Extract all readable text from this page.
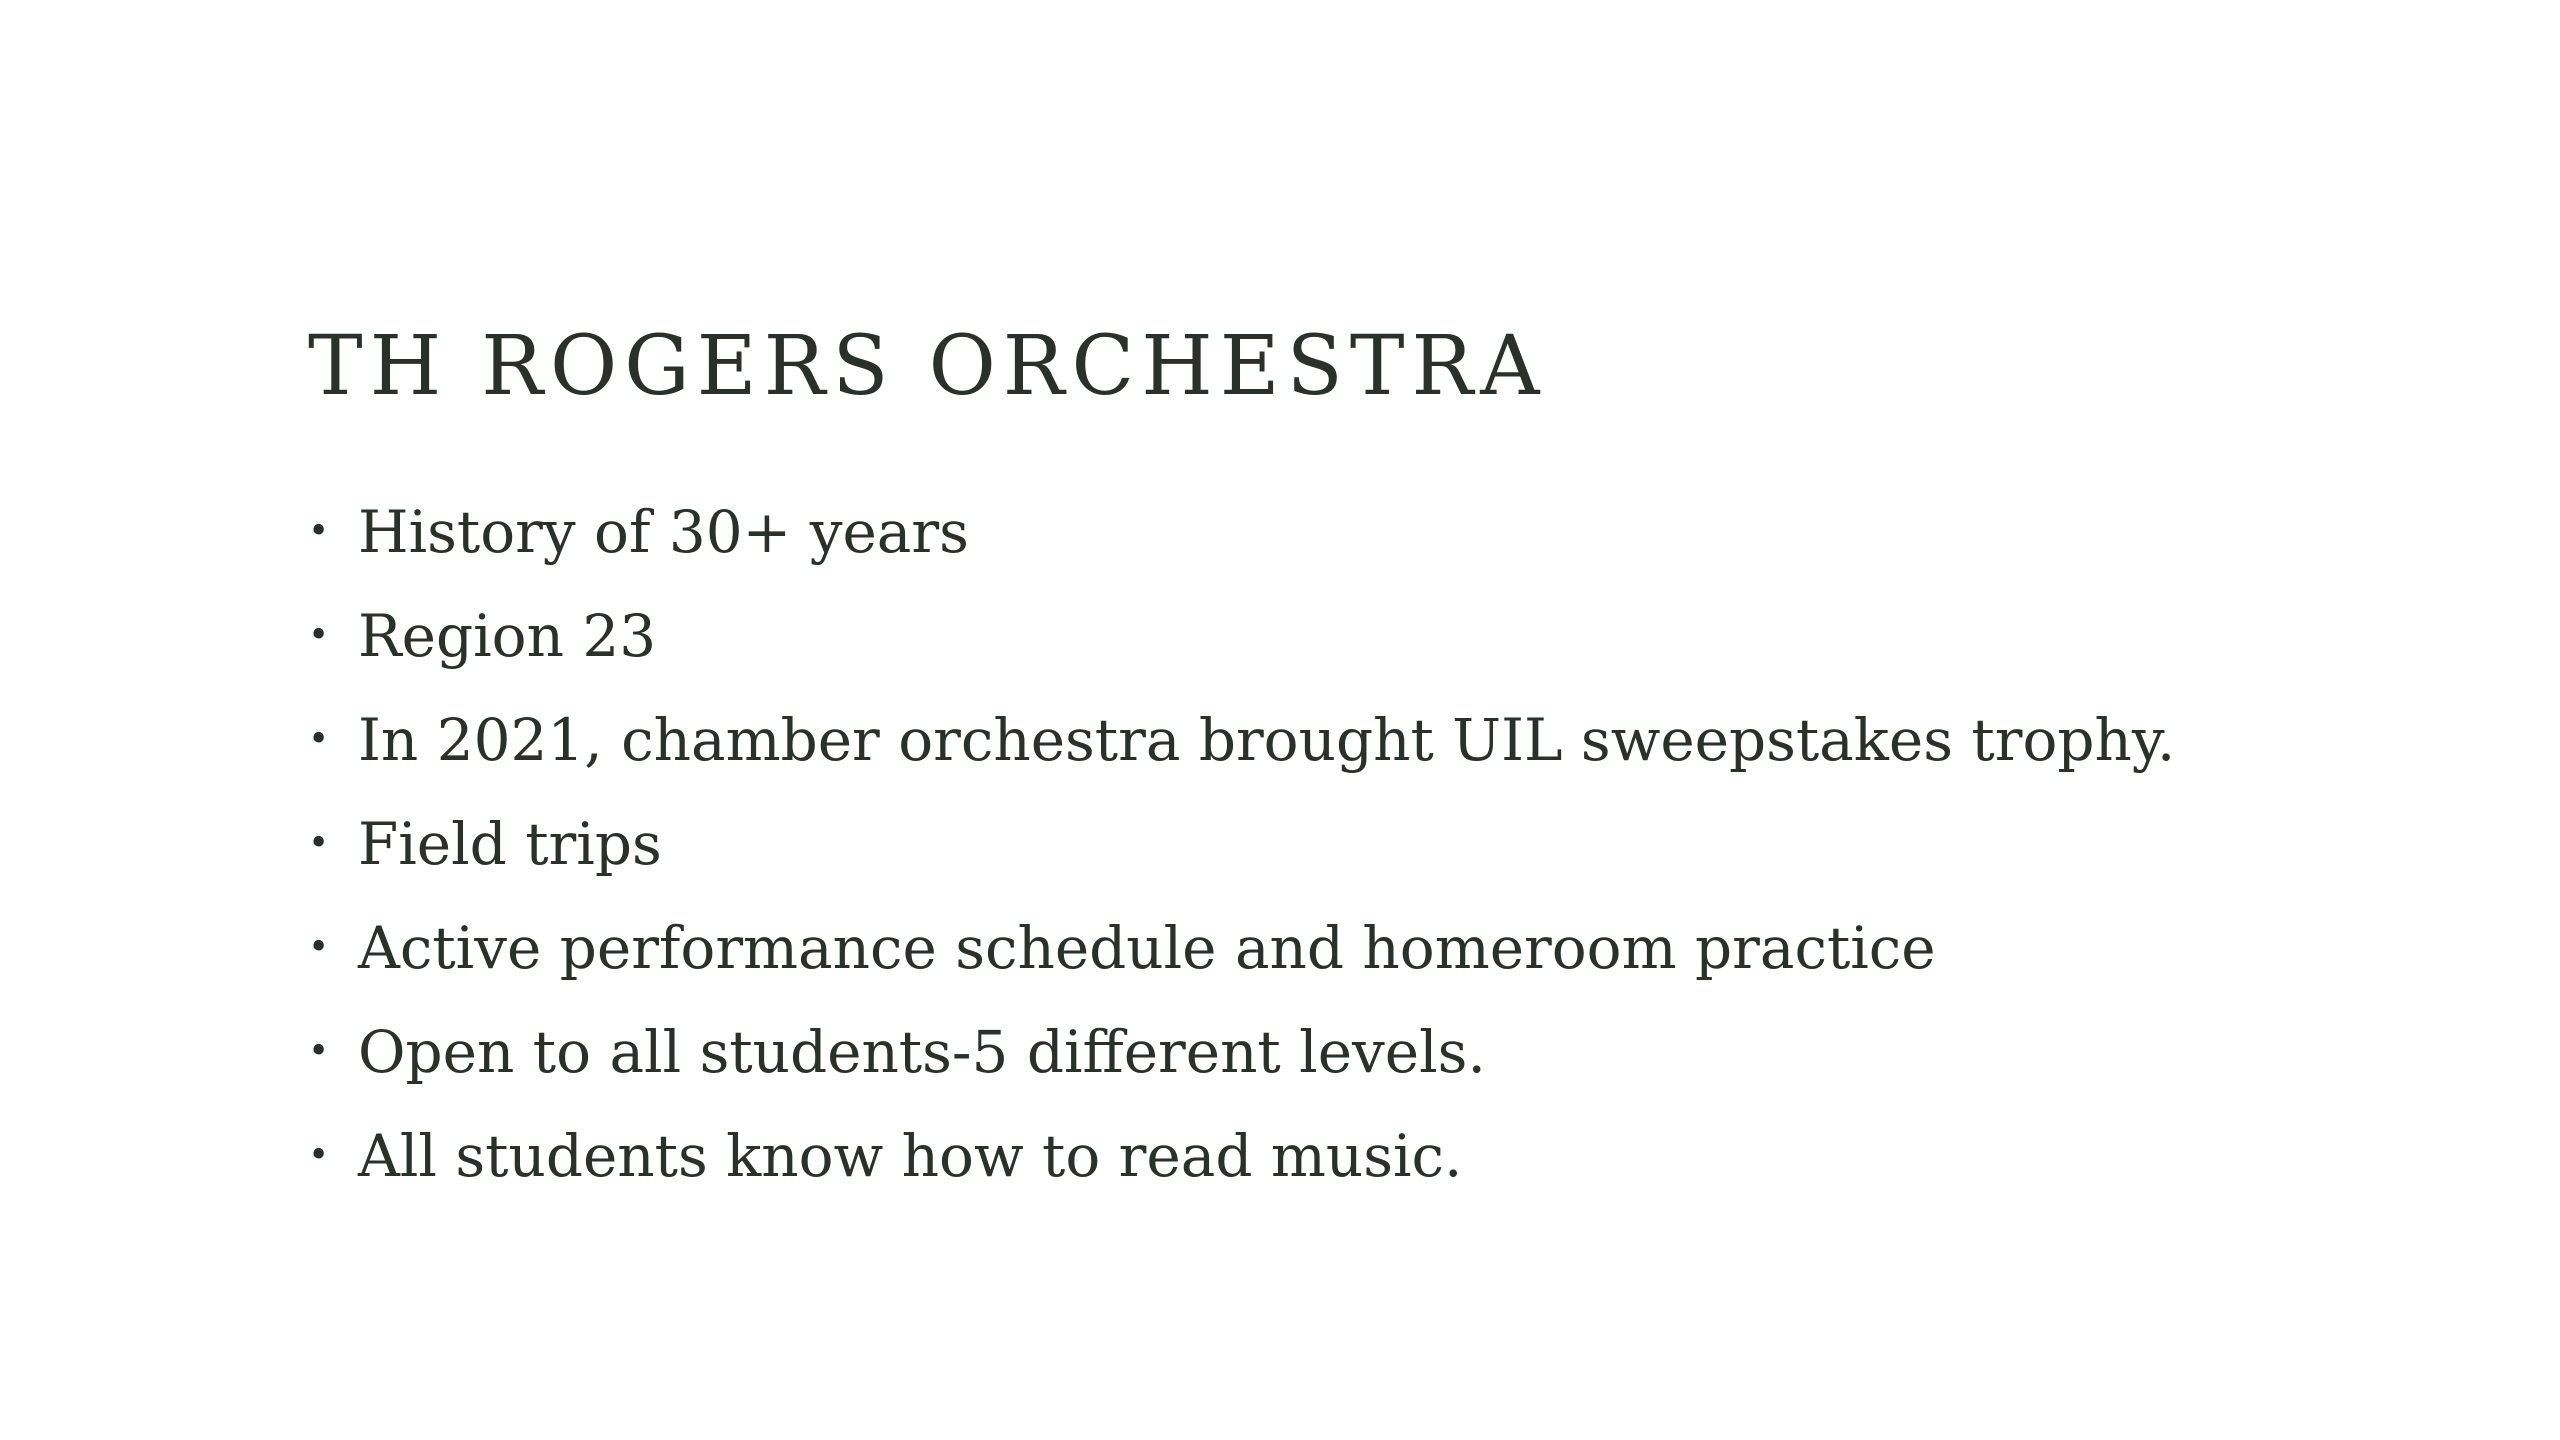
TH ROGERS ORCHESTRA
• History of 30+ years
• Region 23
• In 2021, chamber orchestra brought UIL sweepstakes trophy.
• Field trips
• Active performance schedule and homeroom practice
• Open to all students-5 different levels.
• All students know how to read music.
